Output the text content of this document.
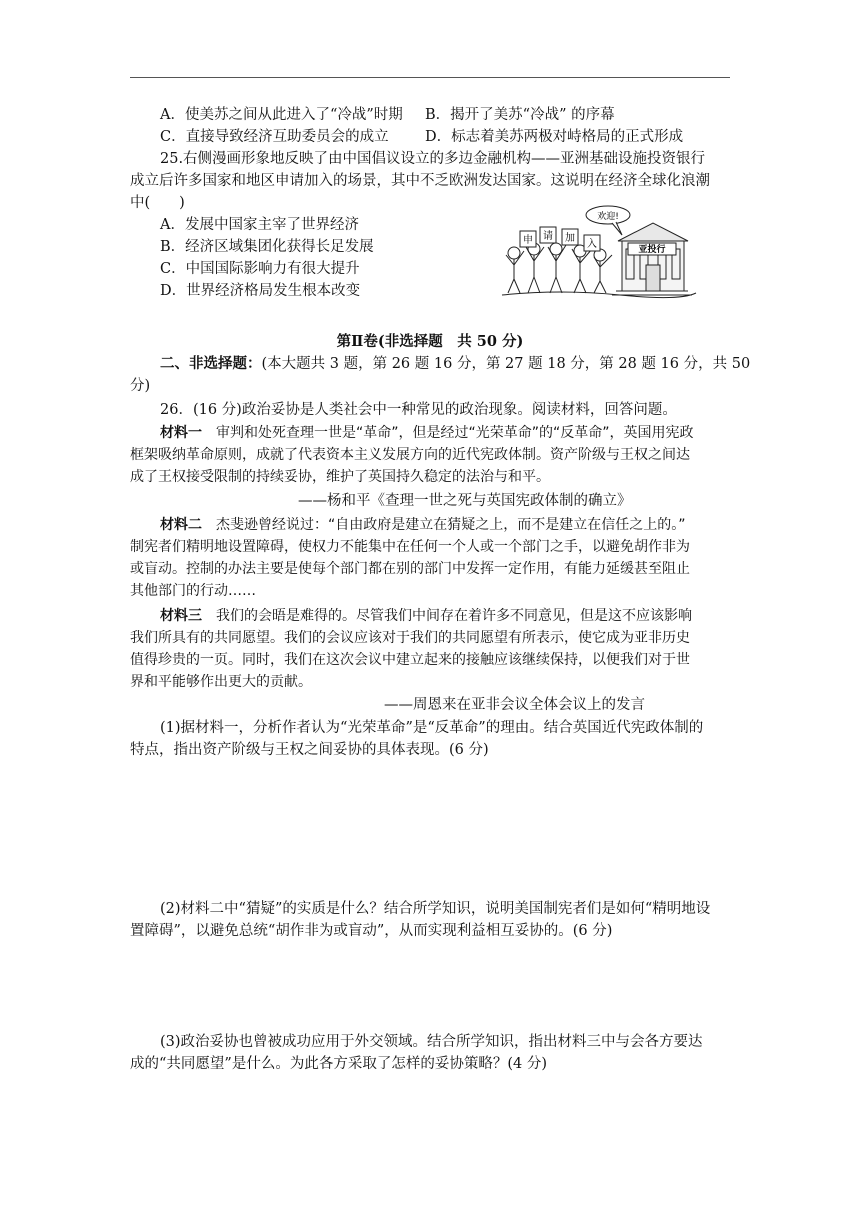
A．使美苏之间从此进入了“冷战”时期 B．揭开了美苏“冷战” 的序幕
C．直接导致经济互助委员会的成立	D．标志着美苏两极对峙格局的正式形成
25.右侧漫画形象地反映了由中国倡议设立的多边金融机构——亚洲基础设施投资银行
成立后许多国家和地区申请加入的场景，其中不乏欧洲发达国家。这说明在经济全球化浪潮
中(　　)
A．发展中国家主宰了世界经济
B．经济区域集团化获得长足发展
C．中国国际影响力有很大提升
D．世界经济格局发生根本改变
欢迎!
亚投行
申 请 加
入
第Ⅱ卷(非选择题　共 50 分)
二、非选择题：(本大题共 3 题，第 26 题 16 分，第 27 题 18 分，第 28 题 16 分，共 50
分)
26．(16 分)政治妥协是人类社会中一种常见的政治现象。阅读材料，回答问题。
材料一　审判和处死查理一世是“革命”，但是经过“光荣革命”的“反革命”，英国用宪政
框架吸纳革命原则，成就了代表资本主义发展方向的近代宪政体制。资产阶级与王权之间达
成了王权接受限制的持续妥协，维护了英国持久稳定的法治与和平。
——杨和平《查理一世之死与英国宪政体制的确立》
材料二　杰斐逊曾经说过：“自由政府是建立在猜疑之上，而不是建立在信任之上的。”
制宪者们精明地设置障碍，使权力不能集中在任何一个人或一个部门之手，以避免胡作非为
或盲动。控制的办法主要是使每个部门都在别的部门中发挥一定作用，有能力延缓甚至阻止
其他部门的行动……
材料三　我们的会晤是难得的。尽管我们中间存在着许多不同意见，但是这不应该影响
我们所具有的共同愿望。我们的会议应该对于我们的共同愿望有所表示，使它成为亚非历史
值得珍贵的一页。同时，我们在这次会议中建立起来的接触应该继续保持，以便我们对于世
界和平能够作出更大的贡献。
——周恩来在亚非会议全体会议上的发言
(1)据材料一，分析作者认为“光荣革命”是“反革命”的理由。结合英国近代宪政体制的
特点，指出资产阶级与王权之间妥协的具体表现。(6 分)
(2)材料二中“猜疑”的实质是什么？结合所学知识，说明美国制宪者们是如何“精明地设
置障碍”，以避免总统“胡作非为或盲动”，从而实现利益相互妥协的。(6 分)
(3)政治妥协也曾被成功应用于外交领域。结合所学知识，指出材料三中与会各方要达
成的“共同愿望”是什么。为此各方采取了怎样的妥协策略？(4 分)
